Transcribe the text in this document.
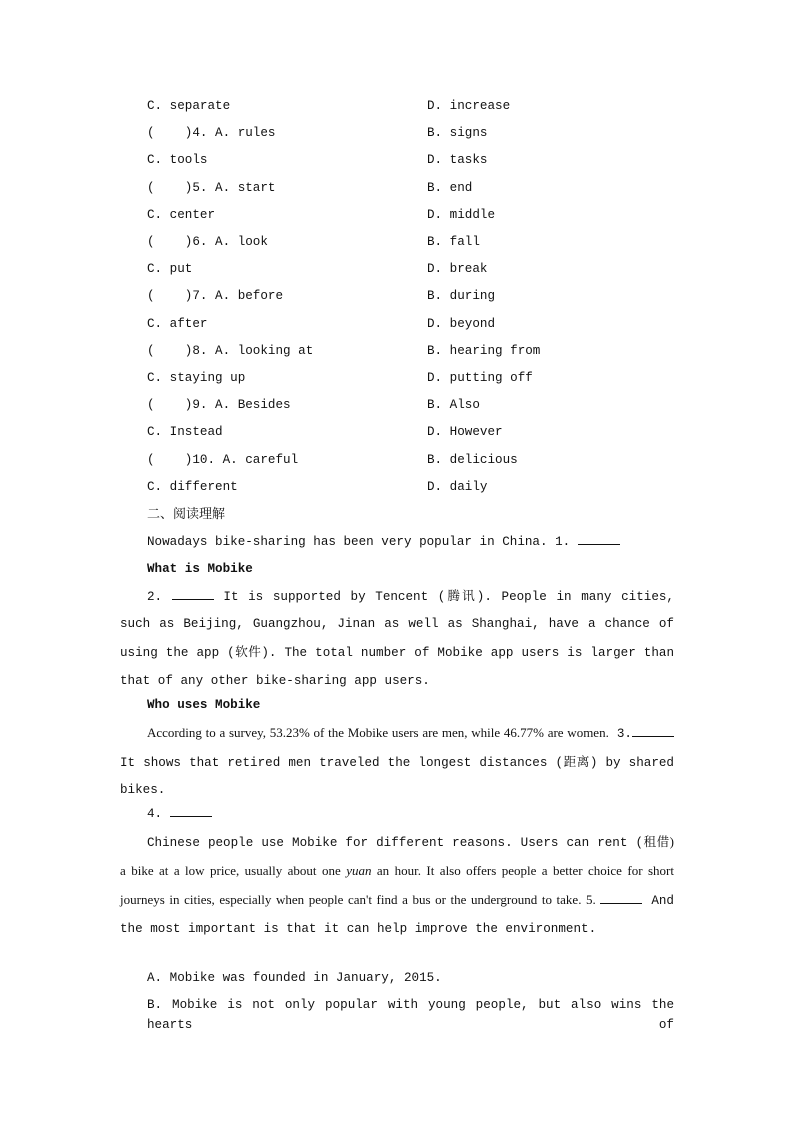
C. separate	D. increase
(    )4. A. rules	B. signs
C. tools	D. tasks
(    )5. A. start	B. end
C. center	D. middle
(    )6. A. look	B. fall
C. put	D. break
(    )7. A. before	B. during
C. after	D. beyond
(    )8. A. looking at	B. hearing from
C. staying up	D. putting off
(    )9. A. Besides	B. Also
C. Instead	D. However
(    )10. A. careful	B. delicious
C. different	D. daily
二、阅读理解
Nowadays bike-sharing has been very popular in China. 1.
What is Mobike
2.	It is supported by Tencent (腾讯). People in many cities, such as Beijing, Guangzhou, Jinan as well as Shanghai, have a chance of using the app (软件). The total number of Mobike app users is larger than that of any other bike-sharing app users.
Who uses Mobike
According to a survey, 53.23% of the Mobike users are men, while 46.77% are women. 3. It shows that retired men traveled the longest distances (距离) by shared bikes.
4.
Chinese people use Mobike for different reasons. Users can rent (租借) a bike at a low price, usually about one yuan an hour. It also offers people a better choice for short journeys in cities, especially when people can't find a bus or the underground to take. 5.	And the most important is that it can help improve the environment.
A. Mobike was founded in January, 2015.
B. Mobike is not only popular with young people, but also wins the hearts of
